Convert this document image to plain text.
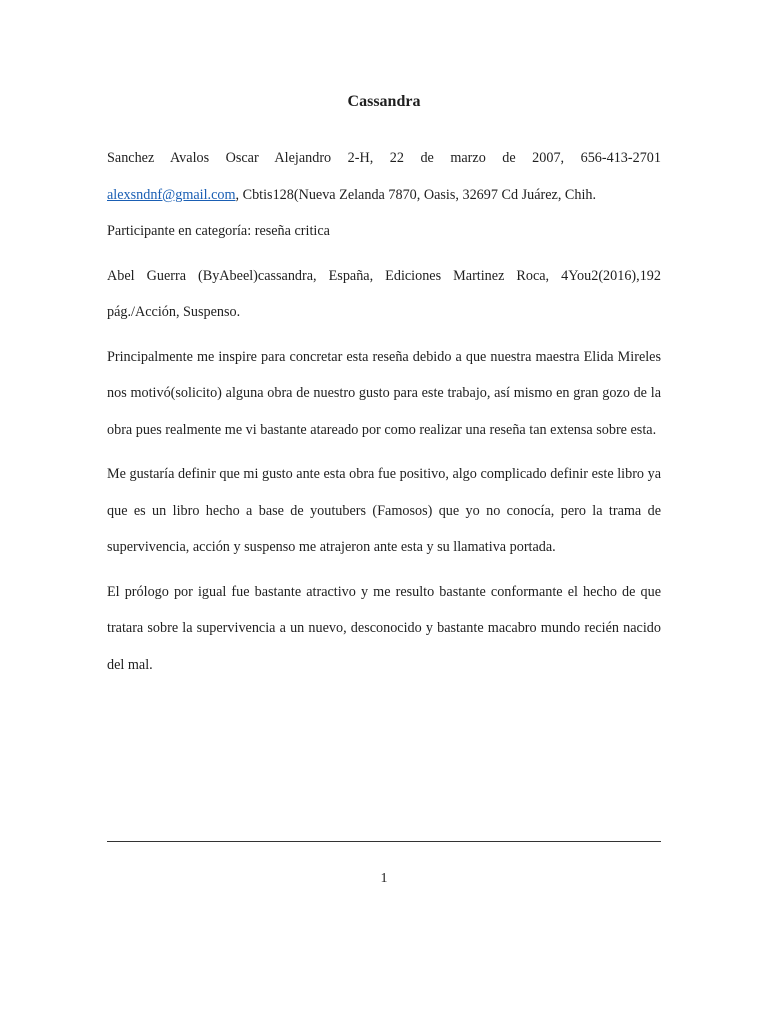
Cassandra

Sanchez Avalos Oscar Alejandro 2-H, 22 de marzo de 2007, 656-413-2701 alexsndnf@gmail.com, Cbtis128(Nueva Zelanda 7870, Oasis, 32697 Cd Juárez, Chih.
Participante en categoría: reseña critica

Abel Guerra (ByAbeel)cassandra, España, Ediciones Martinez Roca, 4You2(2016),192 pág./Acción, Suspenso.

Principalmente me inspire para concretar esta reseña debido a que nuestra maestra Elida Mireles nos motivó(solicito) alguna obra de nuestro gusto para este trabajo, así mismo en gran gozo de la obra pues realmente me vi bastante atareado por como realizar una reseña tan extensa sobre esta.

Me gustaría definir que mi gusto ante esta obra fue positivo, algo complicado definir este libro ya que es un libro hecho a base de youtubers (Famosos) que yo no conocía, pero la trama de supervivencia, acción y suspenso me atrajeron ante esta y su llamativa portada.

El prólogo por igual fue bastante atractivo y me resulto bastante conformante el hecho de que tratara sobre la supervivencia a un nuevo, desconocido y bastante macabro mundo recién nacido del mal.

1
